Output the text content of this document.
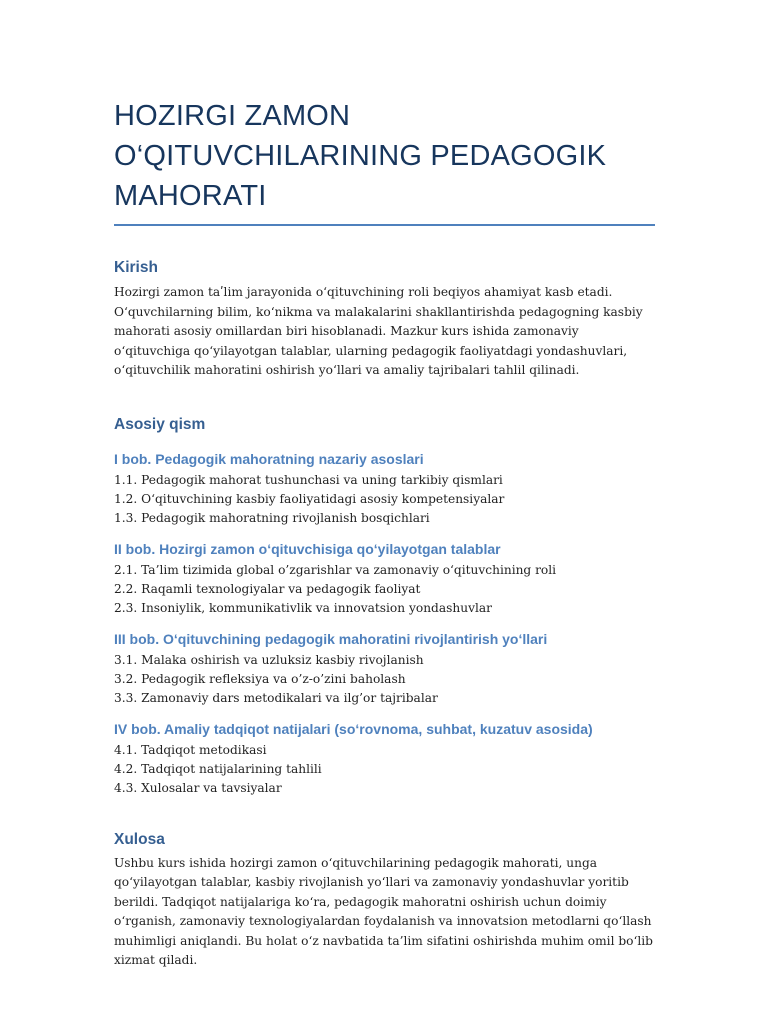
HOZIRGI ZAMON O‘QITUVCHILARINING PEDAGOGIK MAHORATI
Kirish

Hozirgi zamon taʹlim jarayonida o‘qituvchining roli beqiyos ahamiyat kasb etadi. O‘quvchilarning bilim, ko‘nikma va malakalarini shakllantirishda pedagogning kasbiy mahorati asosiy omillardan biri hisoblanadi. Mazkur kurs ishida zamonaviy o‘qituvchiga qo‘yilayotgan talablar, ularning pedagogik faoliyatdagi yondashuvlari, o‘qituvchilik mahoratini oshirish yo‘llari va amaliy tajribalari tahlil qilinadi.

Asosiy qism
I bob. Pedagogik mahoratning nazariy asoslari
1.1. Pedagogik mahorat tushunchasi va uning tarkibiy qismlari
1.2. O‘qituvchining kasbiy faoliyatidagi asosiy kompetensiyalar
1.3. Pedagogik mahoratning rivojlanish bosqichlari
II bob. Hozirgi zamon o‘qituvchisiga qo‘yilayotgan talablar
2.1. Ta’lim tizimida global o’zgarishlar va zamonaviy o‘qituvchining roli
2.2. Raqamli texnologiyalar va pedagogik faoliyat
2.3. Insoniylik, kommunikativlik va innovatsion yondashuvlar
III bob. O‘qituvchining pedagogik mahoratini rivojlantirish yo‘llari
3.1. Malaka oshirish va uzluksiz kasbiy rivojlanish
3.2. Pedagogik refleksiya va o’z-o’zini baholash
3.3. Zamonaviy dars metodikalari va ilg’or tajribalar
IV bob. Amaliy tadqiqot natijalari (so‘rovnoma, suhbat, kuzatuv asosida)
4.1. Tadqiqot metodikasi
4.2. Tadqiqot natijalarining tahlili
4.3. Xulosalar va tavsiyalar
Xulosa

Ushbu kurs ishida hozirgi zamon o‘qituvchilarining pedagogik mahorati, unga qo‘yilayotgan talablar, kasbiy rivojlanish yo‘llari va zamonaviy yondashuvlar yoritib berildi. Tadqiqot natijalariga ko‘ra, pedagogik mahoratni oshirish uchun doimiy o‘rganish, zamonaviy texnologiyalardan foydalanish va innovatsion metodlarni qo‘llash muhimligi aniqlandi. Bu holat o‘z navbatida ta’lim sifatini oshirishda muhim omil bo‘lib xizmat qiladi.
